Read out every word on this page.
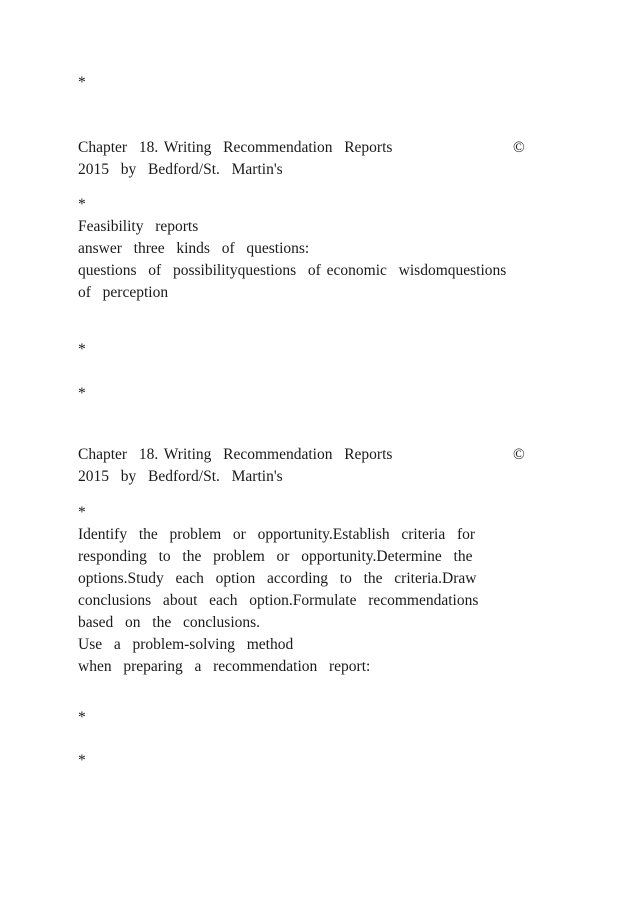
*
Chapter  18. Writing  Recommendation  Reports	©
2015  by  Bedford/St.  Martin's
*
Feasibility  reports
answer  three  kinds  of  questions:
questions  of  possibilityquestions  of economic  wisdomquestions
of  perception
*
*
Chapter  18. Writing  Recommendation  Reports	©
2015  by  Bedford/St.  Martin's
*
Identify  the  problem  or  opportunity.Establish  criteria  for
responding  to  the  problem  or  opportunity.Determine  the
options.Study  each  option  according  to  the  criteria.Draw
conclusions  about  each  option.Formulate  recommendations
based  on  the  conclusions.
Use  a  problem-solving  method
when  preparing  a  recommendation  report:
*
*
